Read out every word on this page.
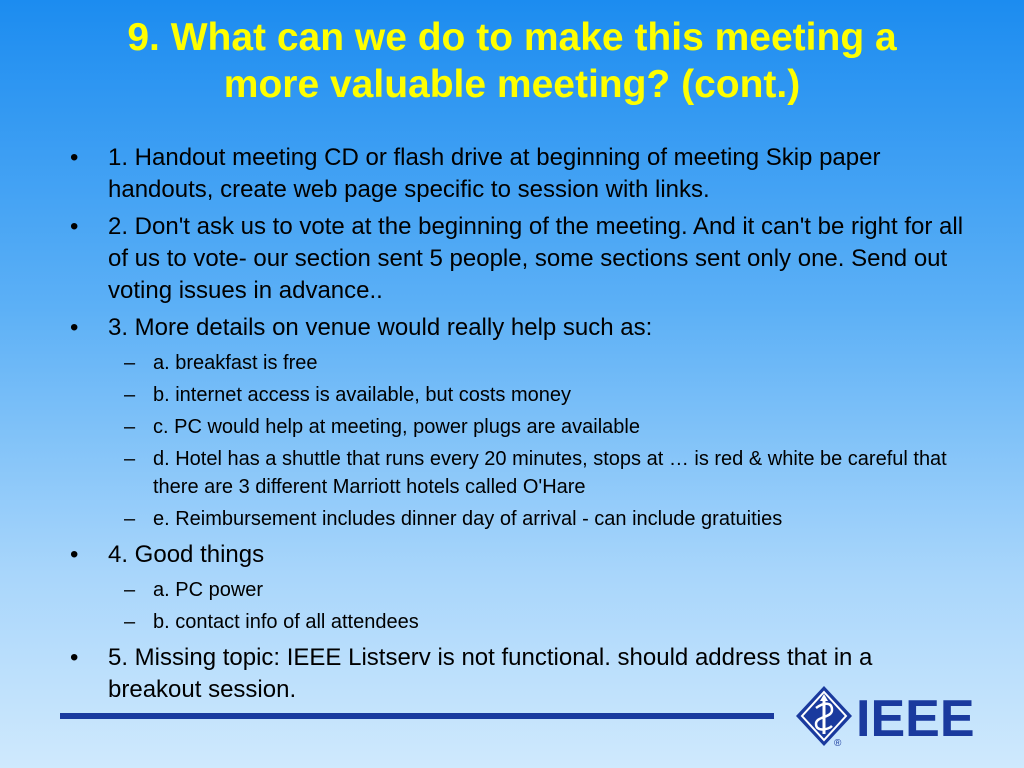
9. What can we do to make this meeting a
more valuable meeting? (cont.)
• 1. Handout meeting CD or flash drive at beginning of meeting Skip paper handouts, create web page specific to session with links.
• 2. Don't ask us to vote at the beginning of the meeting. And it can't be right for all of us to vote- our section sent 5 people, some sections sent only one. Send out voting issues in advance..
• 3. More details on venue would really help such as:
– a. breakfast is free
– b. internet access is available, but costs money
– c. PC would help at meeting, power plugs are available
– d. Hotel has a shuttle that runs every 20 minutes, stops at … is red & white be careful that there are 3 different Marriott hotels called O'Hare
– e. Reimbursement includes dinner day of arrival - can include gratuities
• 4. Good things
– a. PC power
– b. contact info of all attendees
• 5. Missing topic: IEEE Listserv is not functional. should address that in a breakout session.
IEEE
®
